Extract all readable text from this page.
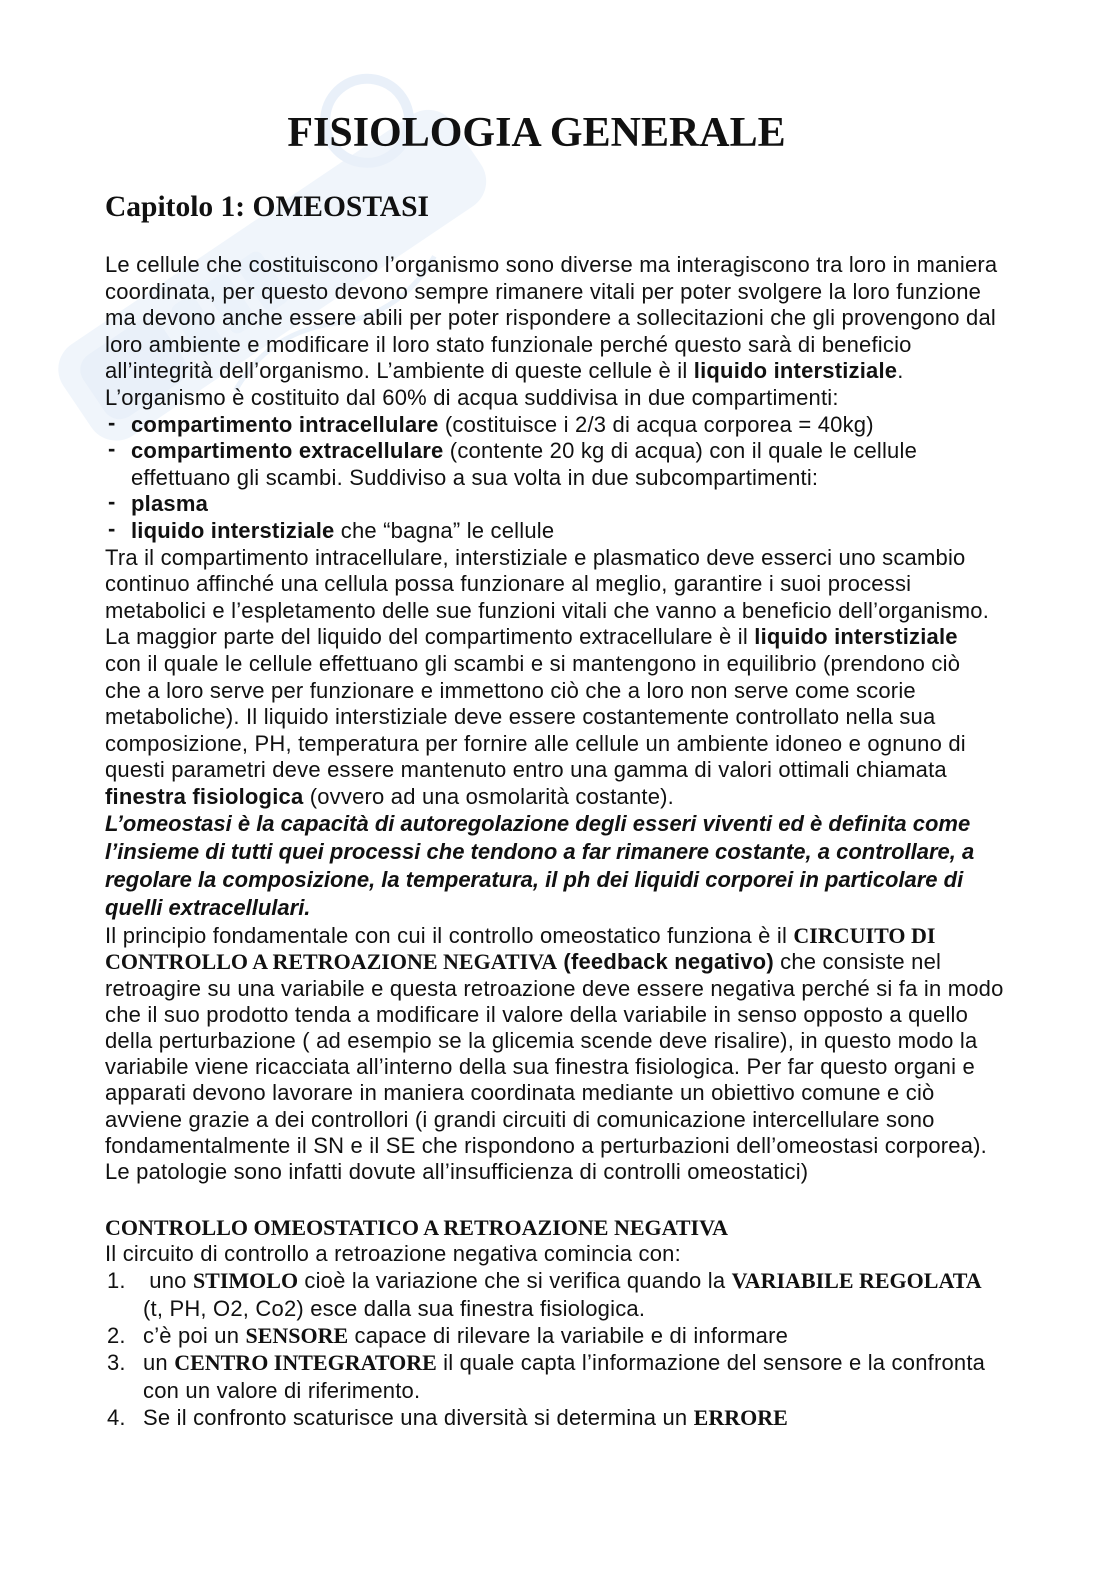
FISIOLOGIA GENERALE
Capitolo 1: OMEOSTASI
Le cellule che costituiscono l’organismo sono diverse ma interagiscono tra loro in maniera
coordinata, per questo devono sempre rimanere vitali per poter svolgere la loro funzione
ma devono anche essere abili per poter rispondere a sollecitazioni che gli provengono dal
loro ambiente e modificare il loro stato funzionale perché questo sarà di beneficio
all’integrità dell’organismo. L’ambiente di queste cellule è il liquido interstiziale.
L’organismo è costituito dal 60% di acqua suddivisa in due compartimenti:
- compartimento intracellulare (costituisce i 2/3 di acqua corporea = 40kg)
- compartimento extracellulare (contente 20 kg di acqua) con il quale le cellule
effettuano gli scambi. Suddiviso a sua volta in due subcompartimenti:
- plasma
- liquido interstiziale che “bagna” le cellule
Tra il compartimento intracellulare, interstiziale e plasmatico deve esserci uno scambio
continuo affinché una cellula possa funzionare al meglio, garantire i suoi processi
metabolici e l’espletamento delle sue funzioni vitali che vanno a beneficio dell’organismo.
La maggior parte del liquido del compartimento extracellulare è il liquido interstiziale
con il quale le cellule effettuano gli scambi e si mantengono in equilibrio (prendono ciò
che a loro serve per funzionare e immettono ciò che a loro non serve come scorie
metaboliche). Il liquido interstiziale deve essere costantemente controllato nella sua
composizione, PH, temperatura per fornire alle cellule un ambiente idoneo e ognuno di
questi parametri deve essere mantenuto entro una gamma di valori ottimali chiamata
finestra fisiologica (ovvero ad una osmolarità costante).
L’omeostasi è la capacità di autoregolazione degli esseri viventi ed è definita come
l’insieme di tutti quei processi che tendono a far rimanere costante, a controllare, a
regolare la composizione, la temperatura, il ph dei liquidi corporei in particolare di
quelli extracellulari.
Il principio fondamentale con cui il controllo omeostatico funziona è il CIRCUITO DI
CONTROLLO A RETROAZIONE NEGATIVA (feedback negativo) che consiste nel
retroagire su una variabile e questa retroazione deve essere negativa perché si fa in modo
che il suo prodotto tenda a modificare il valore della variabile in senso opposto a quello
della perturbazione ( ad esempio se la glicemia scende deve risalire), in questo modo la
variabile viene ricacciata all’interno della sua finestra fisiologica. Per far questo organi e
apparati devono lavorare in maniera coordinata mediante un obiettivo comune e ciò
avviene grazie a dei controllori (i grandi circuiti di comunicazione intercellulare sono
fondamentalmente il SN e il SE che rispondono a perturbazioni dell’omeostasi corporea).
Le patologie sono infatti dovute all’insufficienza di controlli omeostatici)
CONTROLLO OMEOSTATICO A RETROAZIONE NEGATIVA
Il circuito di controllo a retroazione negativa comincia con:
1. uno STIMOLO cioè la variazione che si verifica quando la VARIABILE REGOLATA
(t, PH, O2, Co2) esce dalla sua finestra fisiologica.
2. c’è poi un SENSORE capace di rilevare la variabile e di informare
3. un CENTRO INTEGRATORE il quale capta l’informazione del sensore e la confronta
con un valore di riferimento.
4. Se il confronto scaturisce una diversità si determina un ERRORE
